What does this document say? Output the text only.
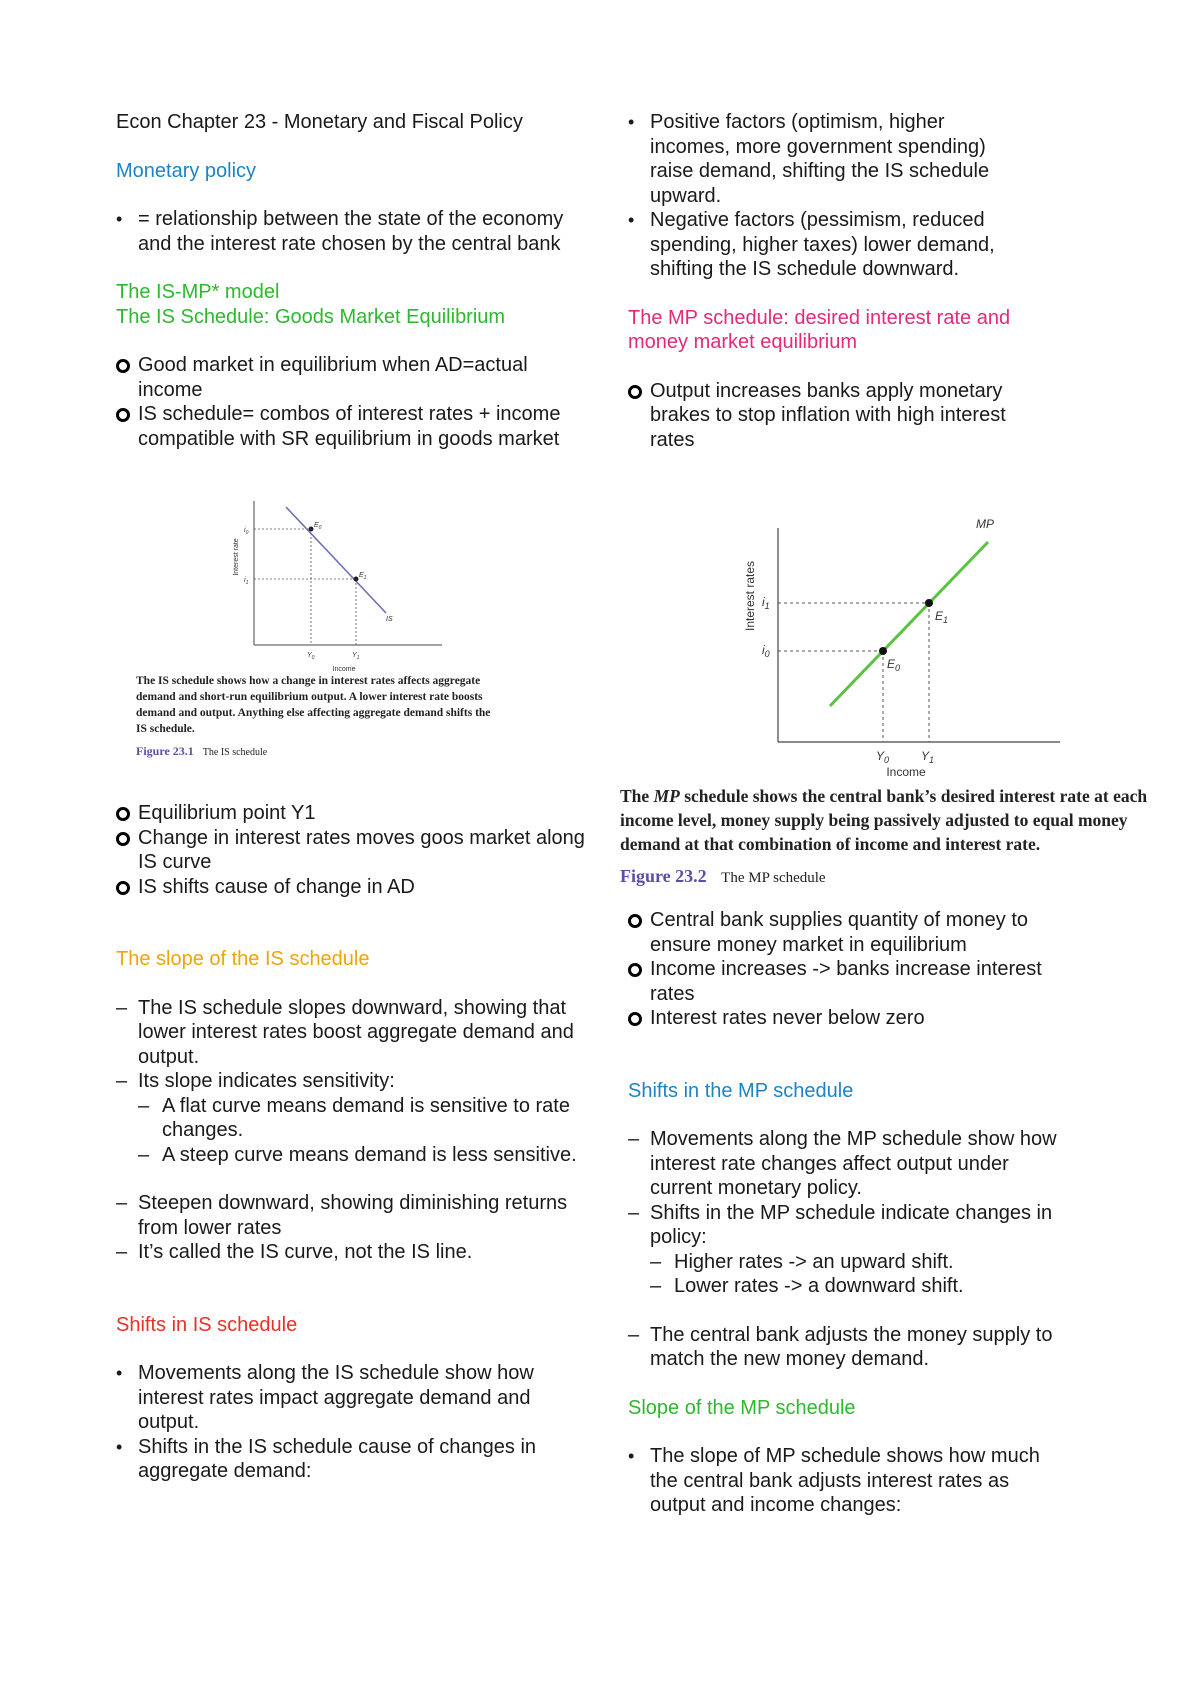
Econ Chapter 23 - Monetary and Fiscal Policy

Monetary policy

• = relationship between the state of the economy and the interest rate chosen by the central bank

The IS-MP* model

The IS Schedule: Goods Market Equilibrium

Good market in equilibrium when AD=actual income
IS schedule= combos of interest rates + income compatible with SR equilibrium in goods market
Interest rate
$E_0$
$E_1$
$i_0$
$i_1$
$Y_0$	$Y_1$
IS
Income
The IS schedule shows how a change in interest rates affects aggregate demand and short-run equilibrium output. A lower interest rate boosts demand and output. Anything else affecting aggregate demand shifts the IS schedule.
Figure 23.1 The IS schedule
Equilibrium point Y1
Change in interest rates moves goos market along IS curve
IS shifts cause of change in AD

The slope of the IS schedule

– The IS schedule slopes downward, showing that lower interest rates boost aggregate demand and output.
– Its slope indicates sensitivity:
– A flat curve means demand is sensitive to rate changes.
– A steep curve means demand is less sensitive.
– Steepen downward, showing diminishing returns from lower rates
– It’s called the IS curve, not the IS line.

Shifts in IS schedule

• Movements along the IS schedule show how interest rates impact aggregate demand and output.
• Shifts in the IS schedule cause of changes in aggregate demand:
• Positive factors (optimism, higher incomes, more government spending) raise demand, shifting the IS schedule upward.
• Negative factors (pessimism, reduced spending, higher taxes) lower demand, shifting the IS schedule downward.

The MP schedule: desired interest rate and money market equilibrium

Output increases banks apply monetary brakes to stop inflation with high interest rates
Interest rates
$E_0$
$E_1$
$i_0$
$i_1$
$Y_0$	$Y_1$
MP
Income
The MP schedule shows the central bank’s desired interest rate at each income level, money supply being passively adjusted to equal money demand at that combination of income and interest rate.
Figure 23.2 The MP schedule
Central bank supplies quantity of money to ensure money market in equilibrium
Income increases -> banks increase interest rates
Interest rates never below zero

Shifts in the MP schedule

– Movements along the MP schedule show how interest rate changes affect output under current monetary policy.
– Shifts in the MP schedule indicate changes in policy:
– Higher rates -> an upward shift.
– Lower rates -> a downward shift.
– The central bank adjusts the money supply to match the new money demand.

Slope of the MP schedule

• The slope of MP schedule shows how much the central bank adjusts interest rates as output and income changes:
